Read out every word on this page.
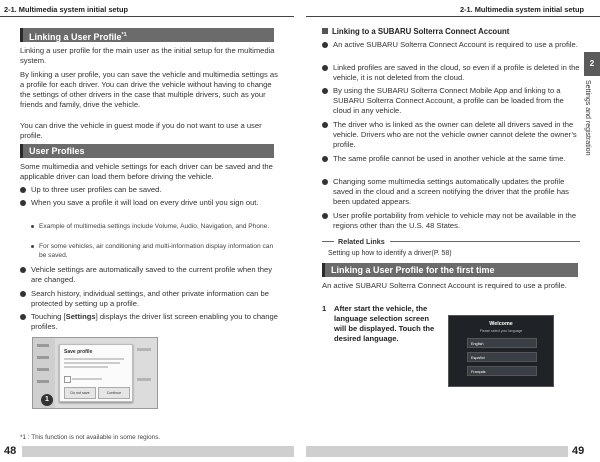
2-1. Multimedia system initial setup
Linking a User Profile$^{*1}$
Linking a user profile for the main user as the initial setup for the multimedia system.
By linking a user profile, you can save the vehicle and multimedia settings as a profile for each driver. You can drive the vehicle without having to change the settings of other drivers in the case that multiple drivers, such as your friends and family, drive the vehicle.
You can drive the vehicle in guest mode if you do not want to use a user profile.
User Profiles
Some multimedia and vehicle settings for each driver can be saved and the applicable driver can load them before driving the vehicle.
Up to three user profiles can be saved.
When you save a profile it will load on every drive until you sign out.
Example of multimedia settings include Volume, Audio, Navigation, and Phone.
For some vehicles, air conditioning and multi-information display information can be saved.
Vehicle settings are automatically saved to the current profile when they are changed.
Search history, individual settings, and other private information can be protected by setting up a profile.
Touching [Settings] displays the driver list screen enabling you to change profiles.
Save profile
Do not save	Continue
1
*1 : This function is not available in some regions.
48
2-1. Multimedia system initial setup
Linking to a SUBARU Solterra Connect Account
An active SUBARU Solterra Connect Account is required to use a profile.
Linked profiles are saved in the cloud, so even if a profile is deleted in the vehicle, it is not deleted from the cloud.
By using the SUBARU Solterra Connect Mobile App and linking to a SUBARU Solterra Connect Account, a profile can be loaded from the cloud in any vehicle.
The driver who is linked as the owner can delete all drivers saved in the vehicle. Drivers who are not the vehicle owner cannot delete the owner’s profile.
The same profile cannot be used in another vehicle at the same time.
Changing some multimedia settings automatically updates the profile saved in the cloud and a screen notifying the driver that the profile has been updated appears.
User profile portability from vehicle to vehicle may not be available in the regions other than the U.S. 48 States.
Related Links
Setting up how to identify a driver(P. 58)
Linking a User Profile for the first time
An active SUBARU Solterra Connect Account is required to use a profile.
1 After start the vehicle, the language selection screen will be displayed. Touch the desired language.
Welcome
Please select your language
English
Español
Français
49
2
Settings and registration
